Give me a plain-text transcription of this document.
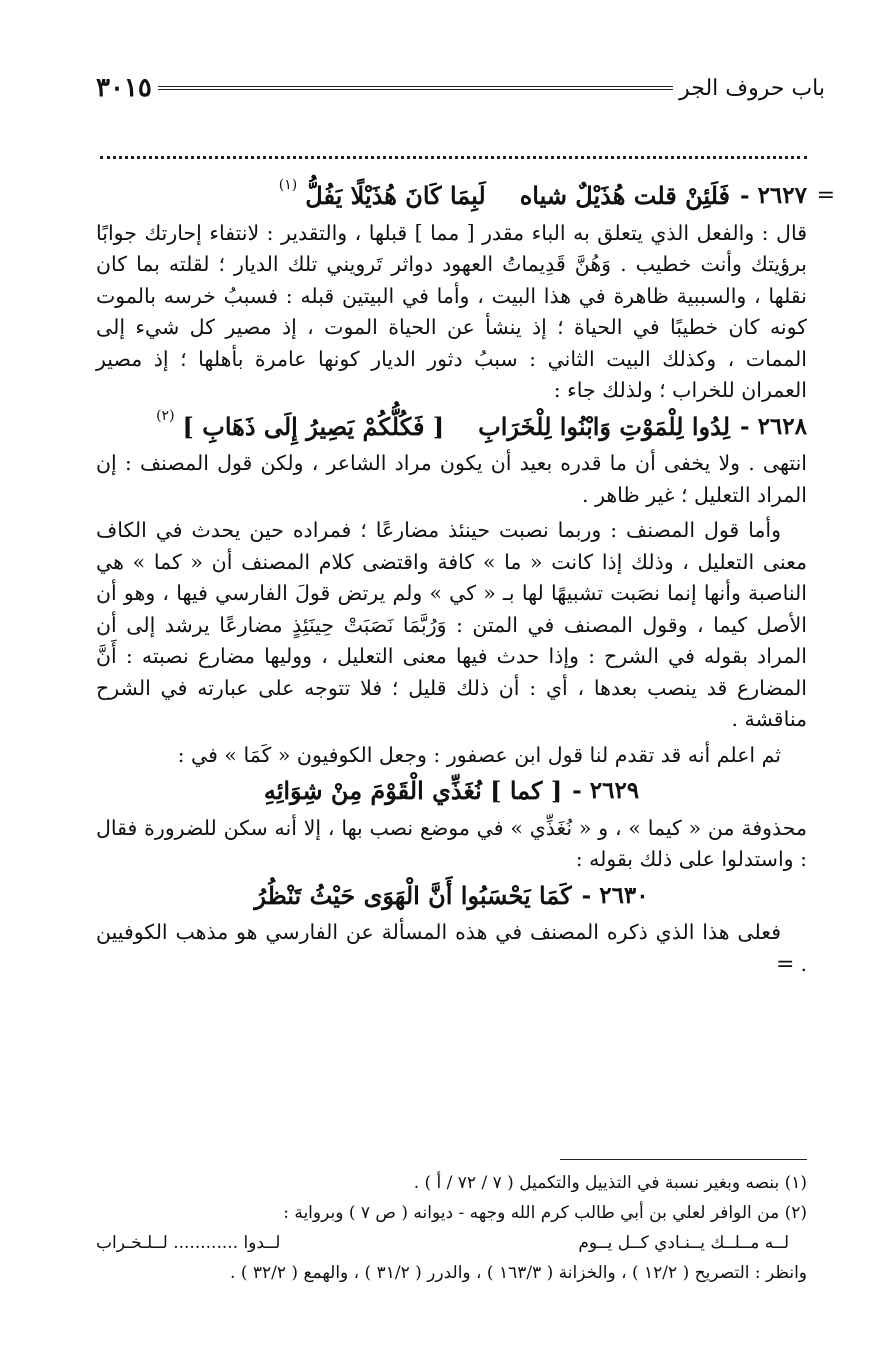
باب حروف الجر
٣٠١٥
=
٢٦٢٧ -
فَلَئِنْ قلت هُذَيْلٌ شياه
لَبِمَا كَانَ هُذَيْلًا يَفُلُّ
(١)

قال : والفعل الذي يتعلق به الباء مقدر [ مما ] قبلها ، والتقدير : لانتفاء إحارتك جوابًا برؤيتك وأنت خطيب . وَهُنَّ قَدِيماتُ العهود دواثر تَرويني تلك الديار ؛ لقلته بما كان نقلها ، والسببية ظاهرة في هذا البيت ، وأما في البيتين قبله : فسببُ خرسه بالموت كونه كان خطيبًا في الحياة ؛ إذ ينشأ عن الحياة الموت ، إذ مصير كل شيء إلى الممات ، وكذلك البيت الثاني : سببُ دثور الديار كونها عامرة بأهلها ؛ إذ مصير العمران للخراب ؛ ولذلك جاء :

٢٦٢٨ -
لِدُوا لِلْمَوْتِ وَابْنُوا لِلْخَرَابِ
[ فَكُلُّكُمْ يَصِيرُ إِلَى ذَهَابِ ]
(٢)

انتهى . ولا يخفى أن ما قدره بعيد أن يكون مراد الشاعر ، ولكن قول المصنف : إن المراد التعليل ؛ غير ظاهر .

وأما قول المصنف : وربما نصبت حينئذ مضارعًا ؛ فمراده حين يحدث في الكاف معنى التعليل ، وذلك إذا كانت « ما » كافة واقتضى كلام المصنف أن « كما » هي الناصبة وأنها إنما نصَبت تشبيهًا لها بـ « كي » ولم يرتض قولَ الفارسي فيها ، وهو أن الأصل كيما ، وقول المصنف في المتن : وَرُبَّمَا نَصَبَتْ حِينَئِذٍ مضارعًا يرشد إلى أن المراد بقوله في الشرح : وإذا حدث فيها معنى التعليل ، ووليها مضارع نصبته : أَنَّ المضارع قد ينصب بعدها ، أي : أن ذلك قليل ؛ فلا تتوجه على عبارته في الشرح مناقشة .

ثم اعلم أنه قد تقدم لنا قول ابن عصفور : وجعل الكوفيون « كَمَا » في :

٢٦٢٩ -
[ كما ] نُغَذِّي الْقَوْمَ مِنْ شِوَائِهِ

محذوفة من « كيما » ، و « نُغَذِّي » في موضع نصب بها ، إلا أنه سكن للضرورة فقال : واستدلوا على ذلك بقوله :

٢٦٣٠ -
كَمَا يَحْسَبُوا أَنَّ الْهَوَى حَيْثُ تَنْظُرُ

فعلى هذا الذي ذكره المصنف في هذه المسألة عن الفارسي هو مذهب الكوفيين .=

(١) بنصه وبغير نسبة في التذييل والتكميل ( ٧ / ٧٢ / أ ) .
(٢) من الوافر لعلي بن أبي طالب كرم الله وجهه - ديوانه ( ص ٧ ) وبرواية :
لــه مــلــك يــنـادي كــل يــوم
لــدوا ............ لــلـخـراب
وانظر : التصريح ( ١٢/٢ ) ، والخزانة ( ١٦٣/٣ ) ، والدرر ( ٣١/٢ ) ، والهمع ( ٣٢/٢ ) .
